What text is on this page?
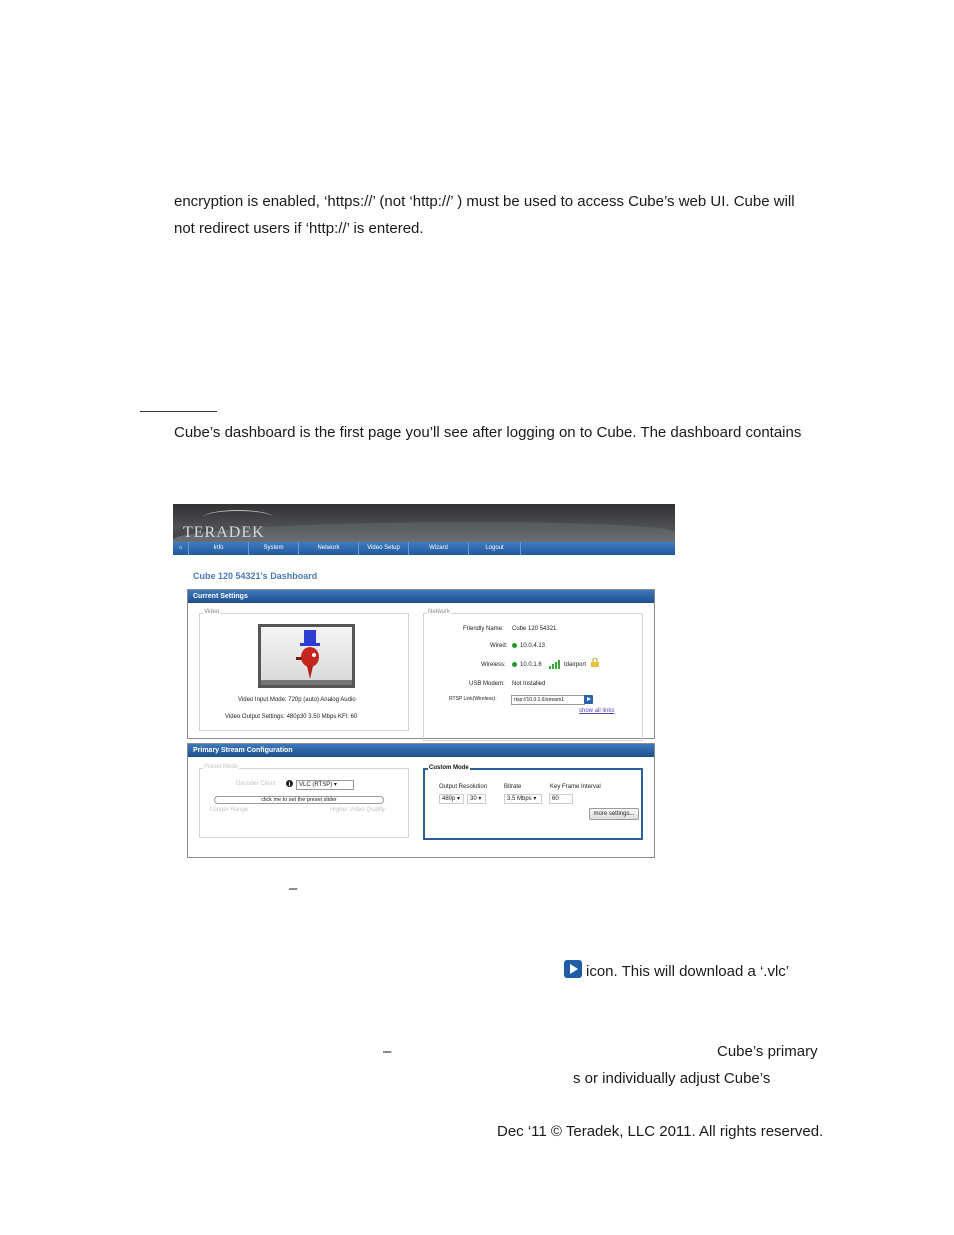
encryption is enabled, ‘https://’ (not ‘http://’ ) must be used to access Cube’s web UI. Cube will
not redirect users if ‘http://’ is entered.
Cube’s dashboard is the first page you’ll see after logging on to Cube. The dashboard contains
TERADEK
⌂	Info	System	Network	Video Setup	Wizard	Logout
Cube 120 54321's Dashboard
Current Settings
Video
Video Input Mode: 720p (auto) Analog Audio
Video Output Settings: 480p30 3.50 Mbps KFI: 60
Network
Friendly Name: Cube 120 54321
Wired:	10.0.4.13
Wireless:	10.0.1.6	tdairport
USB Modem: Not Installed
RTSP Link(Wireless):	rtsp://10.0.1.6/stream1
show all links
Primary Stream Configuration
Preset Mode
Decoder Client	VLC (RTSP) ▾
click me to set the preset slider
Longer Range	Higher Video Quality
Custom Mode
Output Resolution	Bitrate	Key Frame Interval
480p ▾	30 ▾	3.5 Mbps ▾	60
more settings...
–
icon. This will download a ‘.vlc’
–	Cube’s primary
s or individually adjust Cube’s
Dec ‘11 © Teradek, LLC 2011. All rights reserved.
